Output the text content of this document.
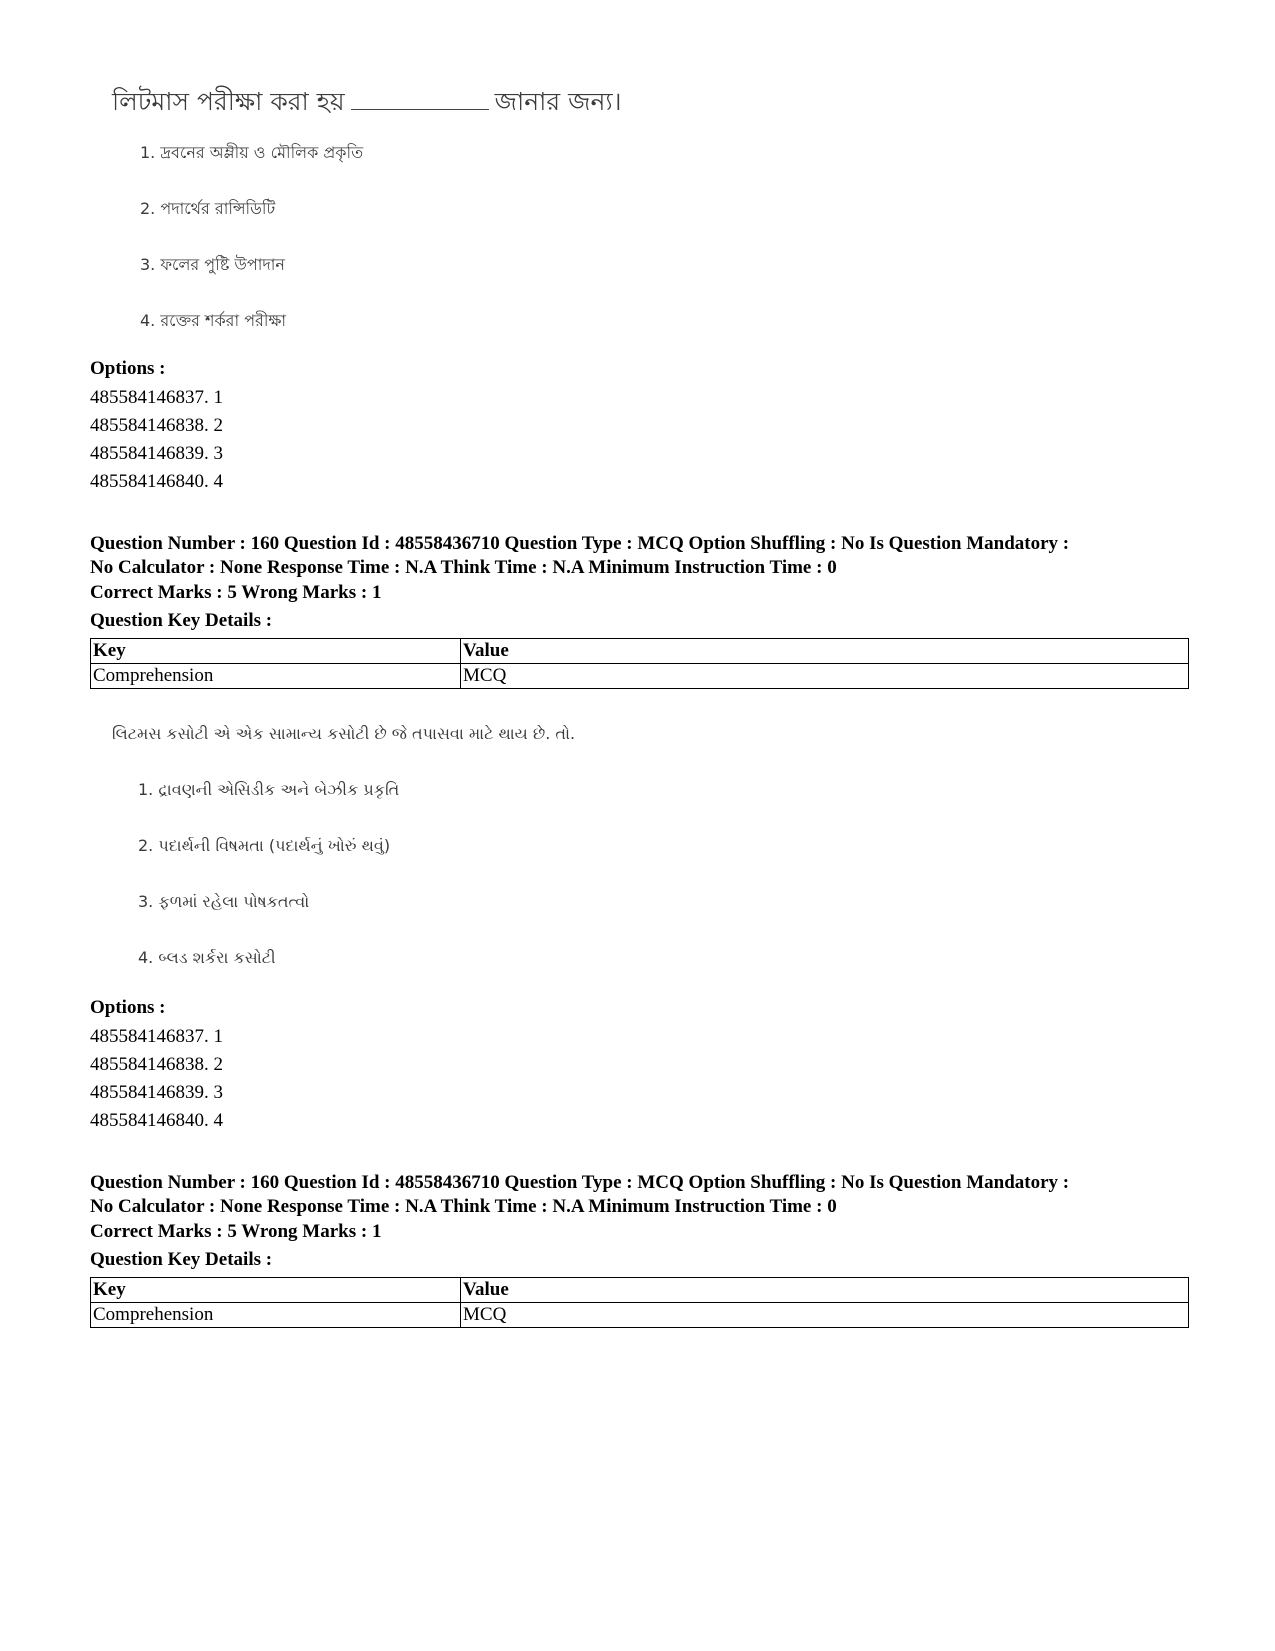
লিটমাস পরীক্ষা করা হয়	জানার জন্য।
1. দ্রবনের অম্লীয় ও মৌলিক প্রকৃতি
2. পদার্থের রান্সিডিটি
3. ফলের পুষ্টি উপাদান
4. রক্তের শর্করা পরীক্ষা
Options :
485584146837. 1
485584146838. 2
485584146839. 3
485584146840. 4
Question Number : 160 Question Id : 48558436710 Question Type : MCQ Option Shuffling : No Is Question Mandatory :
No Calculator : None Response Time : N.A Think Time : N.A Minimum Instruction Time : 0
Correct Marks : 5 Wrong Marks : 1
Question Key Details :
Key	Value
Comprehension	MCQ
લિટમસ કસોટી એ એક સામાન્ય કસોટી છે જે તપાસવા માટે થાય છે. તો.
1. દ્રાવણની એસિડીક અને બેઝીક પ્રકૃતિ
2. પદાર્થની વિષમતા (પદાર્થનું ખોરું થવું)
3. ફળમાં રહેલા પોષકતત્વો
4. બ્લડ શર્કરા કસોટી
Options :
485584146837. 1
485584146838. 2
485584146839. 3
485584146840. 4
Question Number : 160 Question Id : 48558436710 Question Type : MCQ Option Shuffling : No Is Question Mandatory :
No Calculator : None Response Time : N.A Think Time : N.A Minimum Instruction Time : 0
Correct Marks : 5 Wrong Marks : 1
Question Key Details :
Key	Value
Comprehension	MCQ
